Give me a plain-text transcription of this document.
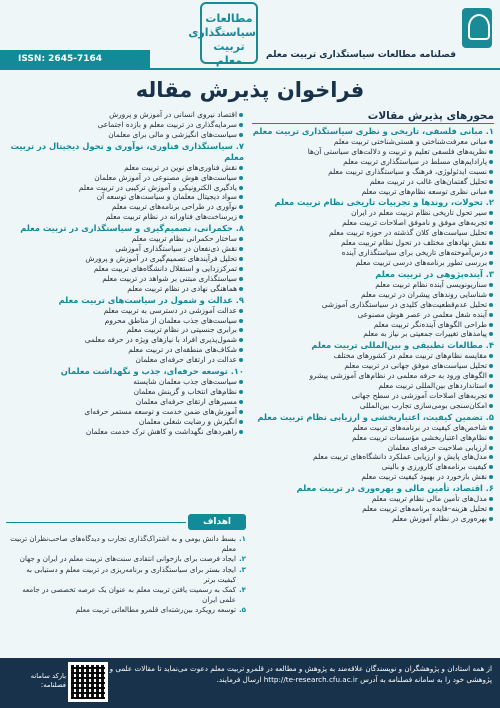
فصلنامه مطالعات سیاستگذاری تربیت معلم
مطالعات
سیاستگذاری
تربیت معلم
ISSN: 2645-7164
فراخوان پذیرش مقاله
محورهای پذیرش مقالات
۱. مبانی فلسفی، تاریخی و نظری سیاستگذاری تربیت معلم
مبانی معرفت‌شناختی و هستی‌شناختی تربیت معلم
نظریه‌های فلسفی تعلیم و تربیت و دلالت‌های سیاستی آن‌ها
پارادایم‌های مسلط در سیاستگذاری تربیت معلم
نسبت ایدئولوژی، فرهنگ و سیاستگذاری تربیت معلم
تحلیل گفتمان‌های غالب در تربیت معلم
مبانی نظری توسعه نظام‌های تربیت معلم
۲. تحولات، روندها و تجربیات تاریخی نظام تربیت معلم
سیر تحول تاریخی نظام تربیت معلم در ایران
تجربه‌های موفق و ناموفق اصلاحات تربیت معلم
تحلیل سیاست‌های کلان گذشته در حوزه تربیت معلم
نقش نهادهای مختلف در تحول نظام تربیت معلم
درس‌آموخته‌های تاریخی برای سیاستگذاری آینده
بررسی تطور برنامه‌های درسی تربیت معلم
۳. آینده‌پژوهی در تربیت معلم
سناریونویسی آینده نظام تربیت معلم
شناسایی روندهای پیشران در تربیت معلم
تحلیل عدم‌قطعیت‌های کلیدی در سیاستگذاری آموزشی
آینده شغل معلمی در عصر هوش مصنوعی
طراحی الگوهای آینده‌نگر تربیت معلم
پیامدهای تغییرات جمعیتی بر نیاز به معلم
۴. مطالعات تطبیقی و بین‌المللی تربیت معلم
مقایسه نظام‌های تربیت معلم در کشورهای مختلف
تحلیل سیاست‌های موفق جهانی در تربیت معلم
الگوهای ورود به حرفه معلمی در نظام‌های آموزشی پیشرو
استانداردهای بین‌المللی تربیت معلم
تجربه‌های اصلاحات آموزشی در سطح جهانی
امکان‌سنجی بومی‌سازی تجارب بین‌المللی
۵. تضمین کیفیت، اعتباربخشی و ارزیابی نظام تربیت معلم
شاخص‌های کیفیت در برنامه‌های تربیت معلم
نظام‌های اعتباربخشی مؤسسات تربیت معلم
ارزیابی صلاحیت حرفه‌ای معلمان
مدل‌های پایش و ارزیابی عملکرد دانشگاه‌های تربیت معلم
کیفیت برنامه‌های کارورزی و بالینی
نقش بازخورد در بهبود کیفیت تربیت معلم
۶. اقتصاد، تأمین مالی و بهره‌وری در تربیت معلم
مدل‌های تأمین مالی نظام تربیت معلم
تحلیل هزینه–فایده برنامه‌های تربیت معلم
بهره‌وری در نظام آموزش معلم
اقتصاد نیروی انسانی در آموزش و پرورش
سرمایه‌گذاری در تربیت معلم و بازده اجتماعی
سیاست‌های انگیزشی و مالی برای معلمان
۷. سیاستگذاری فناوری، نوآوری و تحول دیجیتال در تربیت معلم
نقش فناوری‌های نوین در تربیت معلم
سیاست‌های هوش مصنوعی در آموزش معلمان
یادگیری الکترونیکی و آموزش ترکیبی در تربیت معلم
سواد دیجیتال معلمان و سیاست‌های توسعه آن
نوآوری در طراحی برنامه‌های تربیت معلم
زیرساخت‌های فناورانه در نظام تربیت معلم
۸. حکمرانی، تصمیم‌گیری و سیاستگذاری در تربیت معلم
ساختار حکمرانی نظام تربیت معلم
نقش ذی‌نفعان در سیاستگذاری آموزشی
تحلیل فرآیندهای تصمیم‌گیری در آموزش و پرورش
تمرکززدایی و استقلال دانشگاه‌های تربیت معلم
سیاستگذاری مبتنی بر شواهد در تربیت معلم
هماهنگی نهادی در نظام تربیت معلم
۹. عدالت و شمول در سیاست‌های تربیت معلم
عدالت آموزشی در دسترسی به تربیت معلم
سیاست‌های جذب معلمان از مناطق محروم
برابری جنسیتی در نظام تربیت معلم
شمول‌پذیری افراد با نیازهای ویژه در حرفه معلمی
شکاف‌های منطقه‌ای در تربیت معلم
عدالت در ارتقای حرفه‌ای معلمان
۱۰. توسعه حرفه‌ای، جذب و نگهداشت معلمان
سیاست‌های جذب معلمان شایسته
نظام‌های انتخاب و گزینش معلمان
مسیرهای ارتقای حرفه‌ای معلمان
آموزش‌های ضمن خدمت و توسعه مستمر حرفه‌ای
انگیزش و رضایت شغلی معلمان
راهبردهای نگهداشت و کاهش ترک خدمت معلمان
اهداف
۱.
بسط دانش بومی و به اشتراک‌گذاری تجارب و دیدگاه‌های صاحب‌نظران تربیت معلم
۲.
ایجاد فرصت برای بازخوانی انتقادی سنت‌های تربیت معلم در ایران و جهان
۳.
ایجاد بستر برای سیاستگذاری و برنامه‌ریزی در تربیت معلم و دستیابی به کیفیت برتر
۴.
کمک به رسمیت یافتن تربیت معلم به عنوان یک عرصه تخصصی در جامعه علمی ایران
۵.
توسعه رویکرد بین‌رشته‌ای قلمرو مطالعاتی تربیت معلم
از همه استادان و پژوهشگران و نویسندگان علاقه‌مند به پژوهش و مطالعه در قلمرو تربیت معلم دعوت می‌نماید تا مقالات علمی و پژوهشی خود را به سامانه فصلنامه به آدرس http://te-research.cfu.ac.ir ارسال فرمایند.
بارکد سامانه فصلنامه:
